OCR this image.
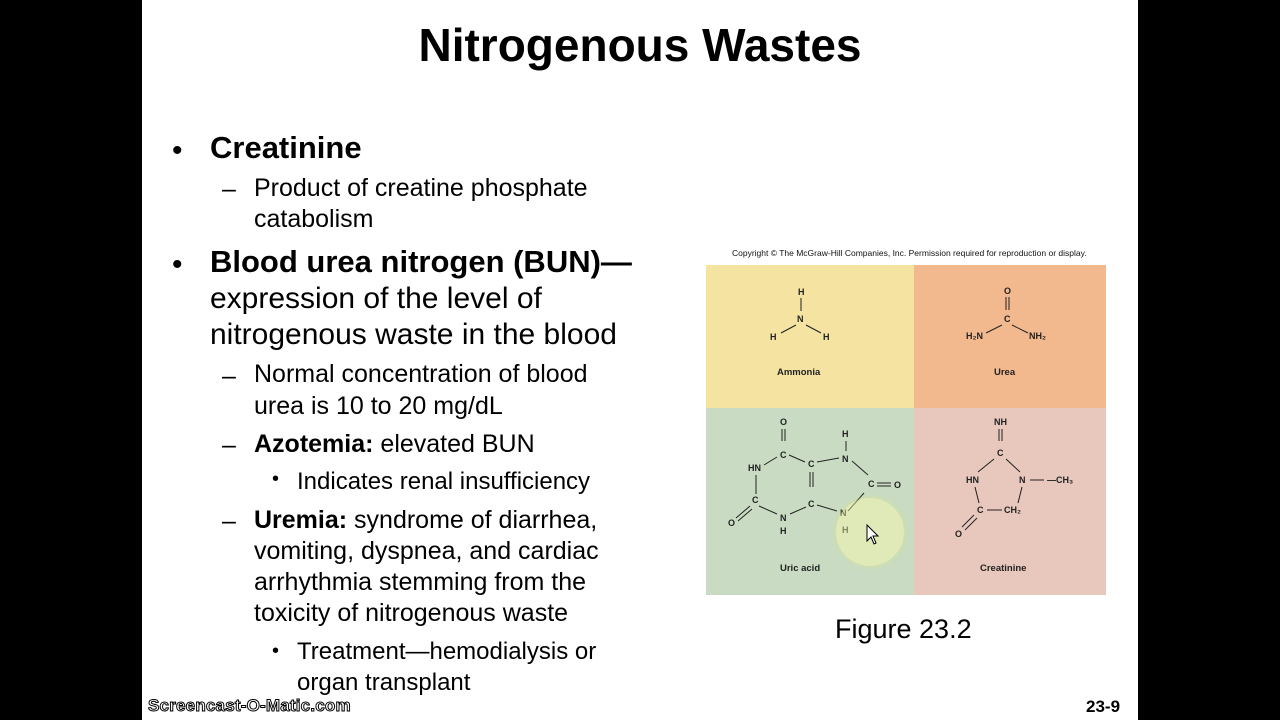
Nitrogenous Wastes
• Creatinine
– Product of creatine phosphate
catabolism
• Blood urea nitrogen (BUN)—
expression of the level of
nitrogenous waste in the blood
– Normal concentration of blood
urea is 10 to 20 mg/dL
– Azotemia: elevated BUN
• Indicates renal insufficiency
– Uremia: syndrome of diarrhea,
vomiting, dyspnea, and cardiac
arrhythmia stemming from the
toxicity of nitrogenous waste
• Treatment—hemodialysis or
organ transplant
Copyright © The McGraw-Hill Companies, Inc. Permission required for reproduction or display.
H
N
H	H
Ammonia
O
C
H₂N	NH₂
Urea
O
C
H
C	N
HN
C O
C	C
N
H
O	N
H
Uric acid
NH
C
HN	N —CH₃
C CH₂
O
Creatinine
Figure 23.2
23-9
Screencast-O-Matic.com
